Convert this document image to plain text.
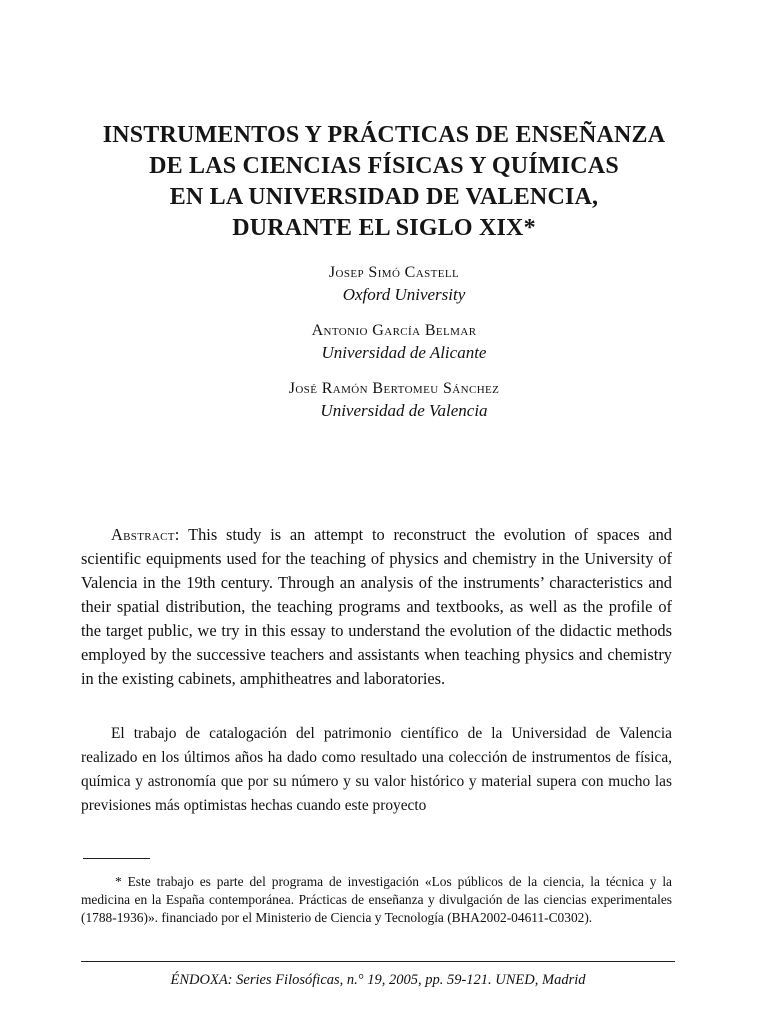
INSTRUMENTOS Y PRÁCTICAS DE ENSEÑANZA
DE LAS CIENCIAS FÍSICAS Y QUÍMICAS
EN LA UNIVERSIDAD DE VALENCIA,
DURANTE EL SIGLO XIX*
Josep Simó Castell
Oxford University
Antonio García Belmar
Universidad de Alicante
José Ramón Bertomeu Sánchez
Universidad de Valencia

Abstract: This study is an attempt to reconstruct the evolution of spaces and scientific equipments used for the teaching of physics and chemistry in the University of Valencia in the 19th century. Through an analysis of the instruments’ characteristics and their spatial distribution, the teaching programs and textbooks, as well as the profile of the target public, we try in this essay to understand the evolution of the didactic methods employed by the successive teachers and assistants when teaching physics and chemistry in the existing cabinets, amphitheatres and laboratories.

El trabajo de catalogación del patrimonio científico de la Universidad de Valencia realizado en los últimos años ha dado como resultado una colección de instrumentos de física, química y astronomía que por su número y su valor histórico y material supera con mucho las previsiones más optimistas hechas cuando este proyecto

* Este trabajo es parte del programa de investigación «Los públicos de la ciencia, la técnica y la medicina en la España contemporánea. Prácticas de enseñanza y divulgación de las ciencias experimentales (1788-1936)». financiado por el Ministerio de Ciencia y Tecnología (BHA2002-04611-C0302).

ÉNDOXA: Series Filosóficas, n.° 19, 2005, pp. 59-121. UNED, Madrid
